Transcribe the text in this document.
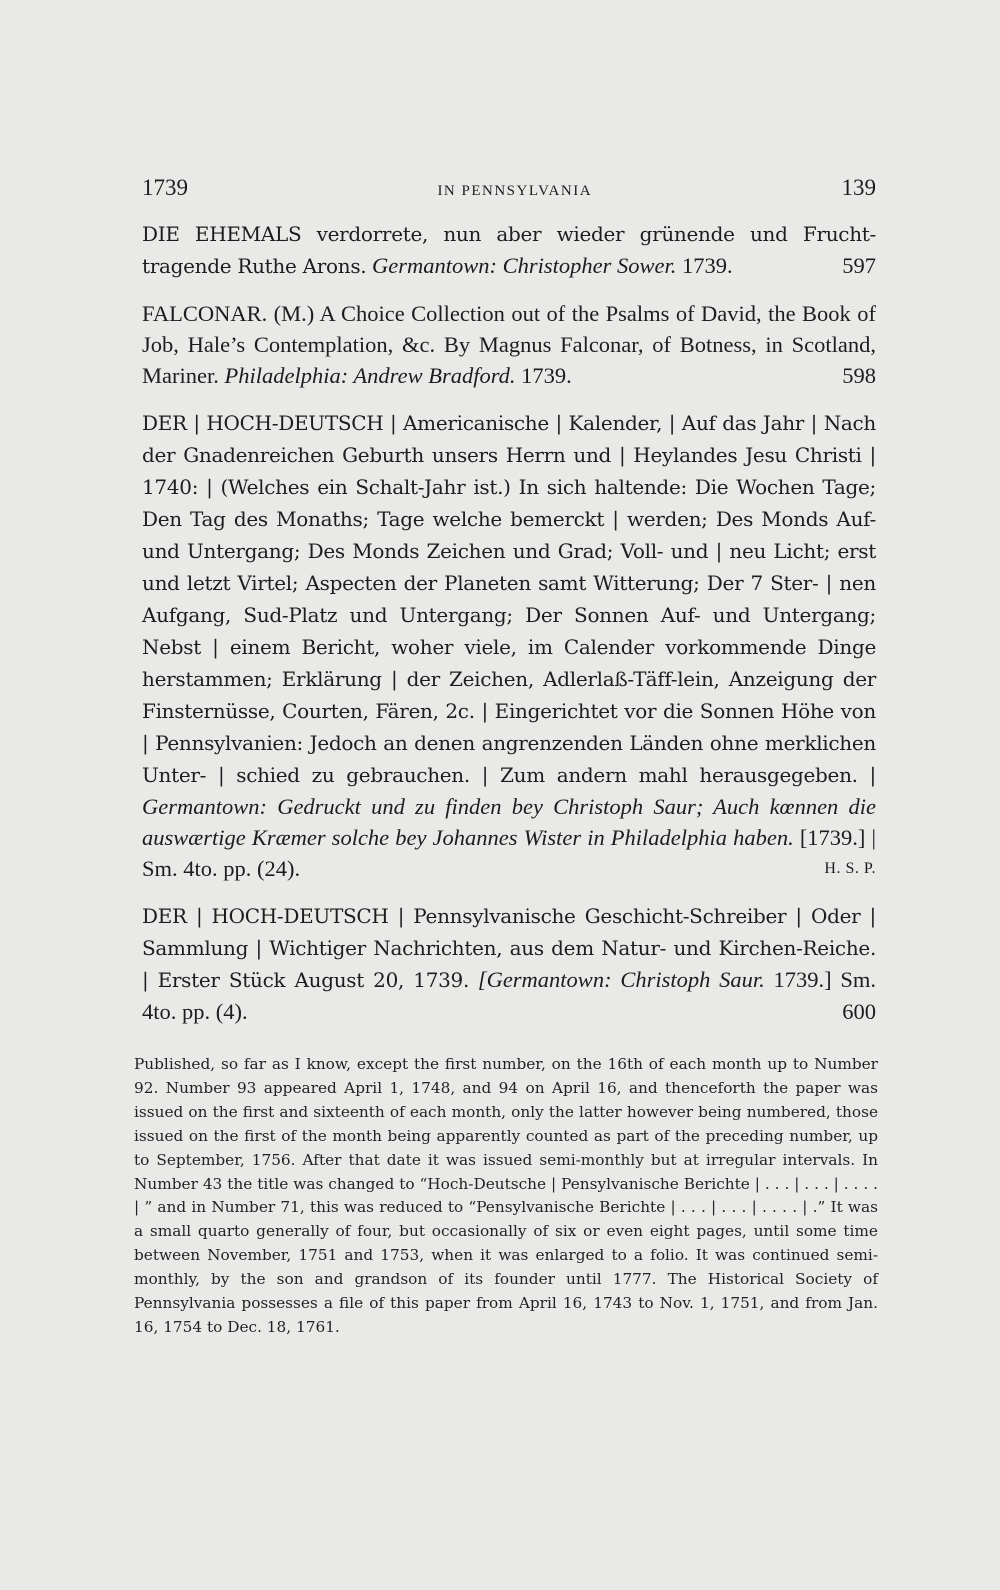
1739	IN PENNSYLVANIA	139

DIE EHEMALS verdorrete, nun aber wieder grünende und Frucht-tragende Ruthe Arons. Germantown: Christopher Sower. 1739.	597

FALCONAR. (M.) A Choice Collection out of the Psalms of David, the Book of Job, Hale’s Contemplation, &c. By Magnus Falconar, of Botness, in Scotland, Mariner. Philadelphia: Andrew Bradford. 1739.	598

DER | HOCH-DEUTSCH | Americanische | Kalender, | Auf das Jahr | Nach der Gnadenreichen Geburth unsers Herrn und | Heylandes Jesu Christi | 1740: | (Welches ein Schalt-Jahr ist.) In sich haltende: Die Wochen Tage; Den Tag des Monaths; Tage welche bemerckt | werden; Des Monds Auf- und Untergang; Des Monds Zeichen und Grad; Voll- und | neu Licht; erst und letzt Virtel; Aspecten der Planeten samt Witterung; Der 7 Ster- | nen Aufgang, Sud-Platz und Untergang; Der Sonnen Auf- und Untergang; Nebst | einem Bericht, woher viele, im Calender vorkommende Dinge herstammen; Erklärung | der Zeichen, Adlerlaß-Täff-lein, Anzeigung der Finsternüsse, Courten, Fären, 2c. | Eingerichtet vor die Sonnen Höhe von | Pennsylvanien: Jedoch an denen angrenzenden Länden ohne merklichen Unter- | schied zu gebrauchen. | Zum andern mahl herausgegeben. | Germantown: Gedruckt und zu finden bey Christoph Saur; Auch kœnnen die auswærtige Kræmer solche bey Johannes Wister in Philadelphia haben. [1739.] | Sm. 4to. pp. (24).	H. S. P.

DER | HOCH-DEUTSCH | Pennsylvanische Geschicht-Schreiber | Oder | Sammlung | Wichtiger Nachrichten, aus dem Natur- und Kirchen-Reiche. | Erster Stück August 20, 1739. [Germantown: Christoph Saur. 1739.] Sm. 4to. pp. (4).	600

Published, so far as I know, except the first number, on the 16th of each month up to Number 92. Number 93 appeared April 1, 1748, and 94 on April 16, and thenceforth the paper was issued on the first and sixteenth of each month, only the latter however being numbered, those issued on the first of the month being apparently counted as part of the preceding number, up to September, 1756. After that date it was issued semi-monthly but at irregular intervals. In Number 43 the title was changed to “Hoch-Deutsche | Pensylvanische Berichte | . . . | . . . | . . . . | ” and in Number 71, this was reduced to “Pensylvanische Berichte | . . . | . . . | . . . . | .” It was a small quarto generally of four, but occasionally of six or even eight pages, until some time between November, 1751 and 1753, when it was enlarged to a folio. It was continued semi-monthly, by the son and grandson of its founder until 1777. The Historical Society of Pennsylvania possesses a file of this paper from April 16, 1743 to Nov. 1, 1751, and from Jan. 16, 1754 to Dec. 18, 1761.
